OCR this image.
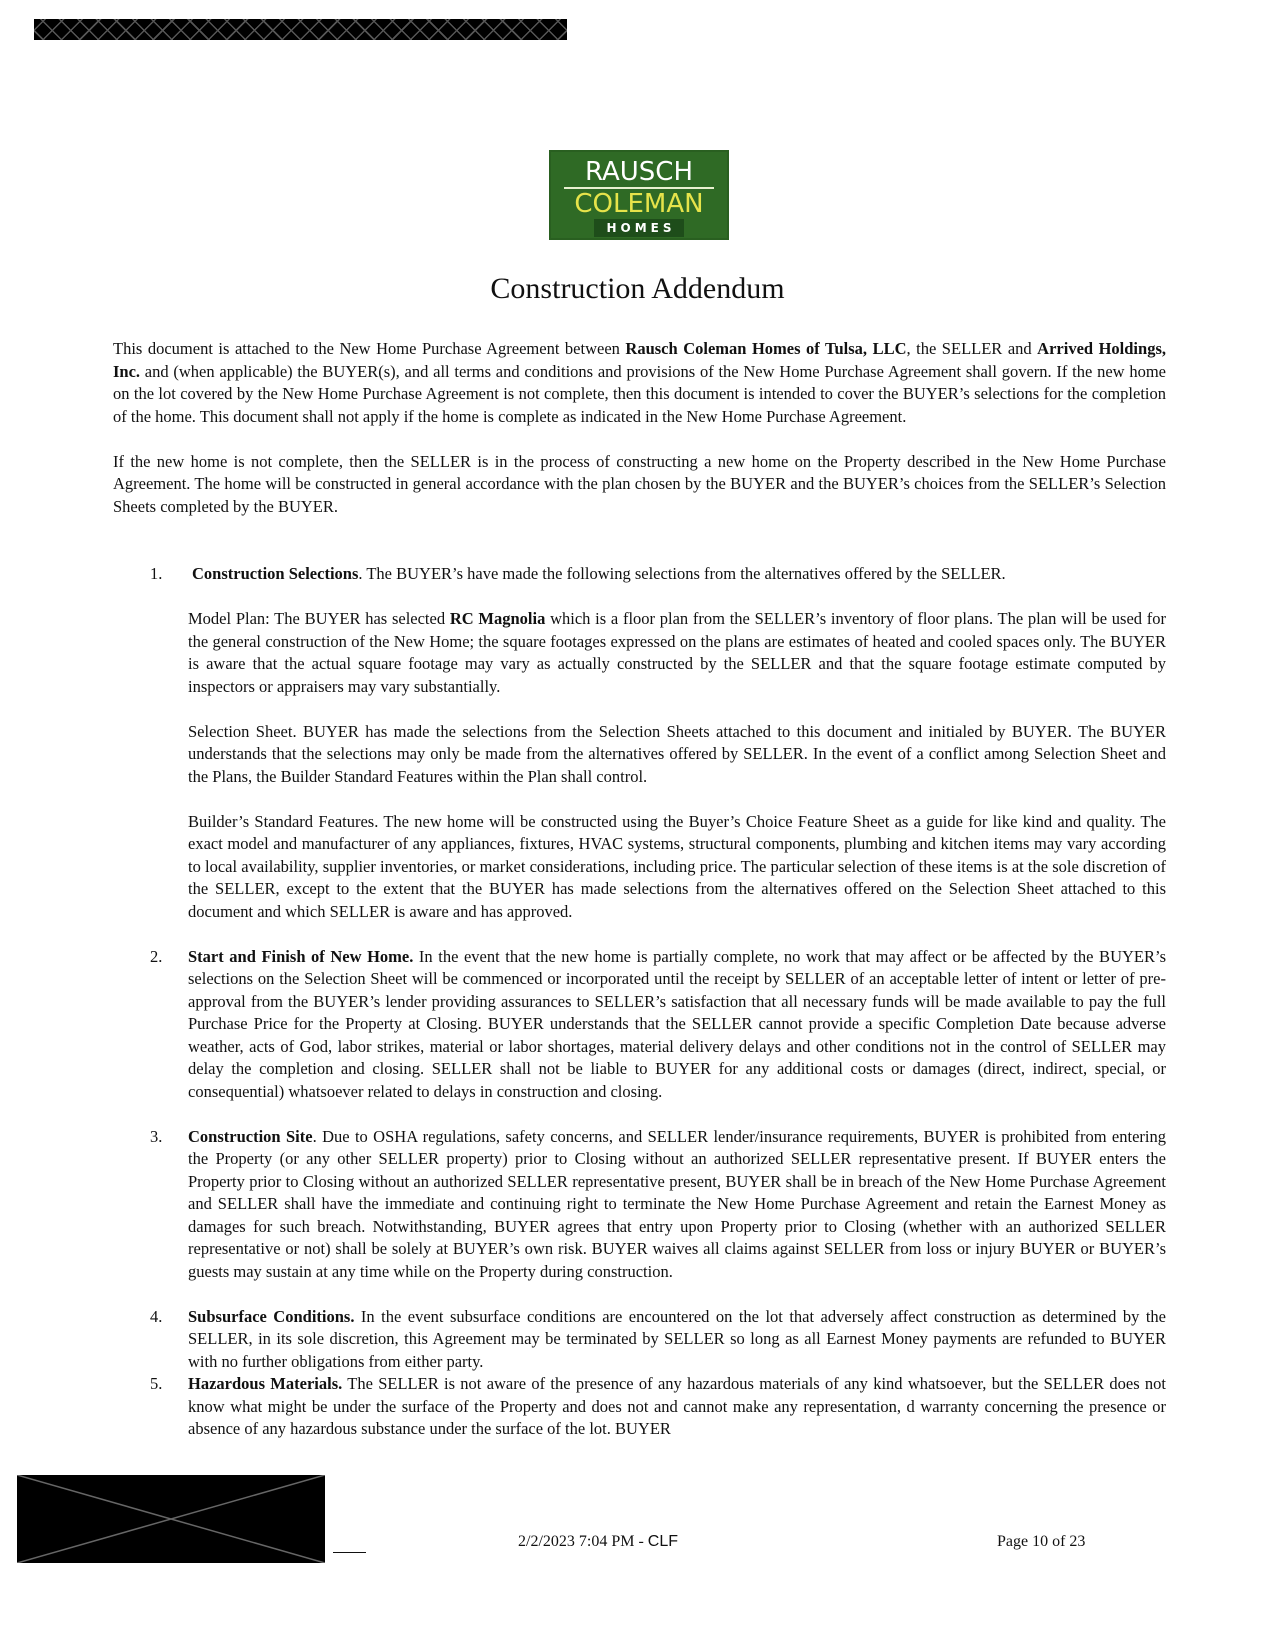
RAUSCH
COLEMAN
HOMES
Construction Addendum

This document is attached to the New Home Purchase Agreement between Rausch Coleman Homes of Tulsa, LLC, the SELLER and Arrived Holdings, Inc. and (when applicable) the BUYER(s), and all terms and conditions and provisions of the New Home Purchase Agreement shall govern. If the new home on the lot covered by the New Home Purchase Agreement is not complete, then this document is intended to cover the BUYER’s selections for the completion of the home. This document shall not apply if the home is complete as indicated in the New Home Purchase Agreement.

If the new home is not complete, then the SELLER is in the process of constructing a new home on the Property described in the New Home Purchase Agreement. The home will be constructed in general accordance with the plan chosen by the BUYER and the BUYER’s choices from the SELLER’s Selection Sheets completed by the BUYER.

1. Construction Selections. The BUYER’s have made the following selections from the alternatives offered by the SELLER.

Model Plan: The BUYER has selected RC Magnolia which is a floor plan from the SELLER’s inventory of floor plans. The plan will be used for the general construction of the New Home; the square footages expressed on the plans are estimates of heated and cooled spaces only. The BUYER is aware that the actual square footage may vary as actually constructed by the SELLER and that the square footage estimate computed by inspectors or appraisers may vary substantially.

Selection Sheet. BUYER has made the selections from the Selection Sheets attached to this document and initialed by BUYER. The BUYER understands that the selections may only be made from the alternatives offered by SELLER. In the event of a conflict among Selection Sheet and the Plans, the Builder Standard Features within the Plan shall control.

Builder’s Standard Features. The new home will be constructed using the Buyer’s Choice Feature Sheet as a guide for like kind and quality. The exact model and manufacturer of any appliances, fixtures, HVAC systems, structural components, plumbing and kitchen items may vary according to local availability, supplier inventories, or market considerations, including price. The particular selection of these items is at the sole discretion of the SELLER, except to the extent that the BUYER has made selections from the alternatives offered on the Selection Sheet attached to this document and which SELLER is aware and has approved.

2. Start and Finish of New Home. In the event that the new home is partially complete, no work that may affect or be affected by the BUYER’s selections on the Selection Sheet will be commenced or incorporated until the receipt by SELLER of an acceptable letter of intent or letter of pre-approval from the BUYER’s lender providing assurances to SELLER’s satisfaction that all necessary funds will be made available to pay the full Purchase Price for the Property at Closing. BUYER understands that the SELLER cannot provide a specific Completion Date because adverse weather, acts of God, labor strikes, material or labor shortages, material delivery delays and other conditions not in the control of SELLER may delay the completion and closing. SELLER shall not be liable to BUYER for any additional costs or damages (direct, indirect, special, or consequential) whatsoever related to delays in construction and closing.

3. Construction Site. Due to OSHA regulations, safety concerns, and SELLER lender/insurance requirements, BUYER is prohibited from entering the Property (or any other SELLER property) prior to Closing without an authorized SELLER representative present. If BUYER enters the Property prior to Closing without an authorized SELLER representative present, BUYER shall be in breach of the New Home Purchase Agreement and SELLER shall have the immediate and continuing right to terminate the New Home Purchase Agreement and retain the Earnest Money as damages for such breach. Notwithstanding, BUYER agrees that entry upon Property prior to Closing (whether with an authorized SELLER representative or not) shall be solely at BUYER’s own risk. BUYER waives all claims against SELLER from loss or injury BUYER or BUYER’s guests may sustain at any time while on the Property during construction.

4. Subsurface Conditions. In the event subsurface conditions are encountered on the lot that adversely affect construction as determined by the SELLER, in its sole discretion, this Agreement may be terminated by SELLER so long as all Earnest Money payments are refunded to BUYER with no further obligations from either party.

5. Hazardous Materials. The SELLER is not aware of the presence of any hazardous materials of any kind whatsoever, but the SELLER does not know what might be under the surface of the Property and does not and cannot make any representation, d warranty concerning the presence or absence of any hazardous substance under the surface of the lot. BUYER

2/2/2023 7:04 PM - CLF	Page 10 of 23
